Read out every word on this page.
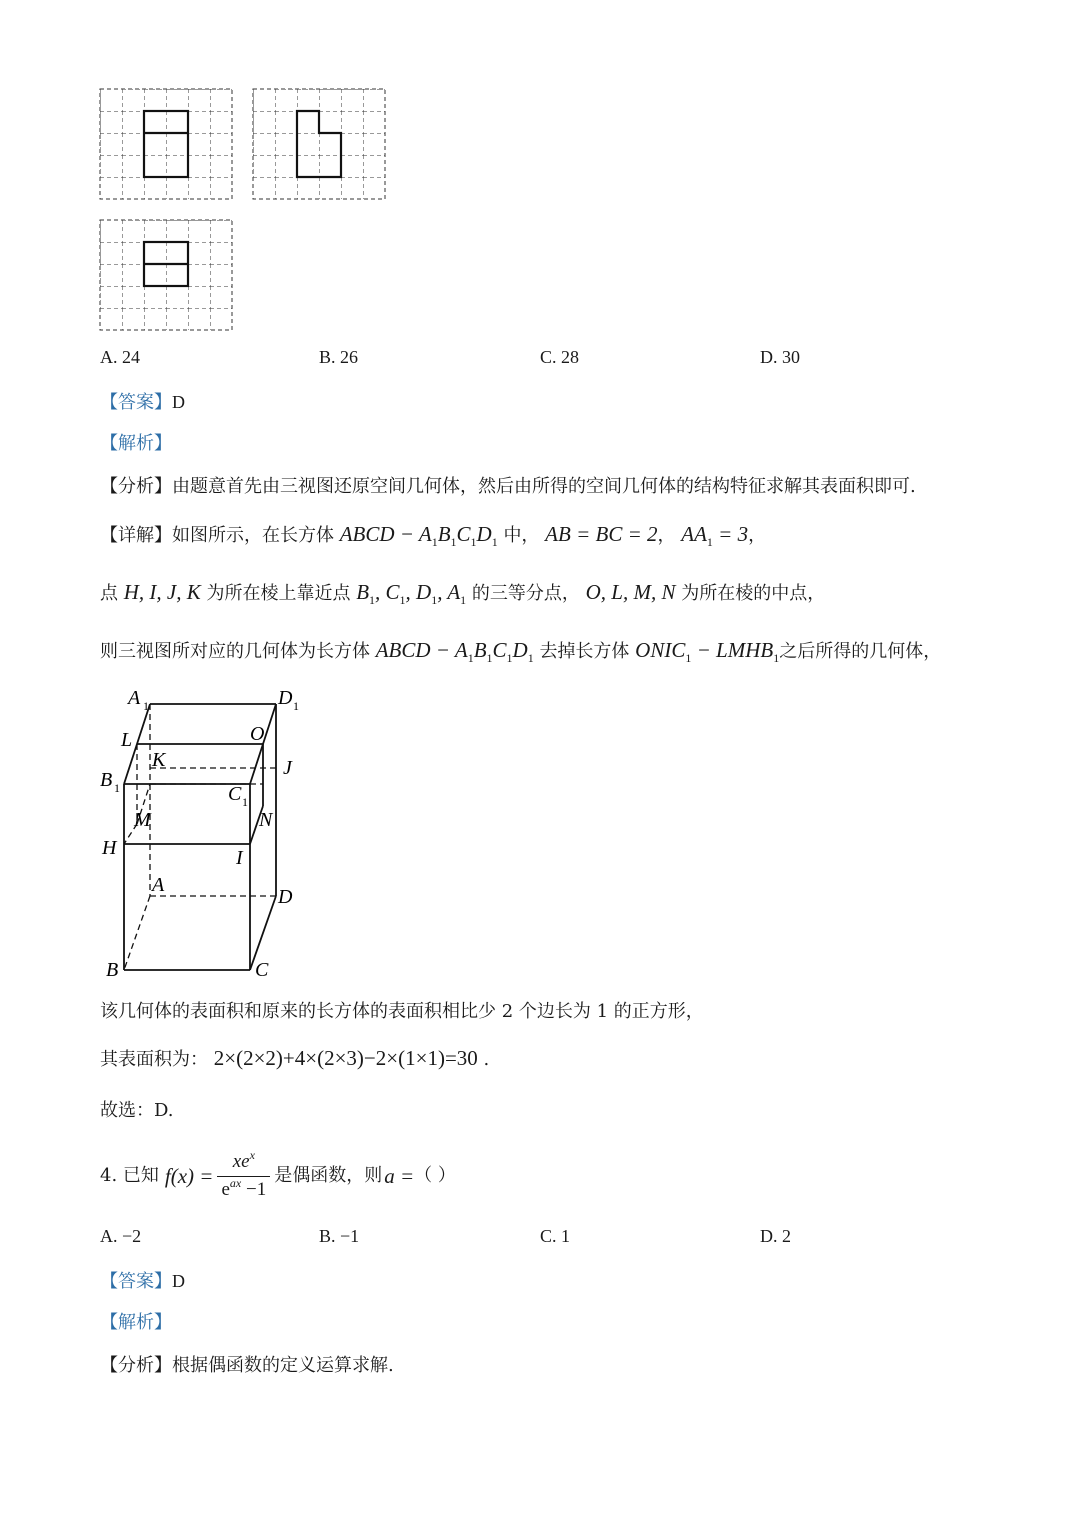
A. 24	B. 26	C. 28	D. 30
【答案】D
【解析】
【分析】由题意首先由三视图还原空间几何体，然后由所得的空间几何体的结构特征求解其表面积即可.
【详解】如图所示，在长方体 ABCD − $A_1B_1C_1D_1$ 中， AB = BC = 2， $AA_1 = 3$，
点 H, I, J, K 为所在棱上靠近点 $B_1$, $C_1$, $D_1$, $A_1$ 的三等分点， O, L, M, N 为所在棱的中点，
则三视图所对应的几何体为长方体 ABCD − $A_1B_1C_1D_1$ 去掉长方体 $ONIC_1$ − $LMHB_1$之后所得的几何体，
A 1	D 1
L	O
K
B 1
J
C 1
M	N
H	I
A
D
B	C
该几何体的表面积和原来的长方体的表面积相比少 2 个边长为 1 的正方形，
其表面积为： 2×(2×2)+4×(2×3)−2×(1×1)=30 .
故选：D.
4. 已知 $f(x) = \frac{xe^x}{e^{ax} -1}$ 是偶函数，则 a = （ ）
A. −2	B. −1	C. 1	D. 2
【答案】D
【解析】
【分析】根据偶函数的定义运算求解.
